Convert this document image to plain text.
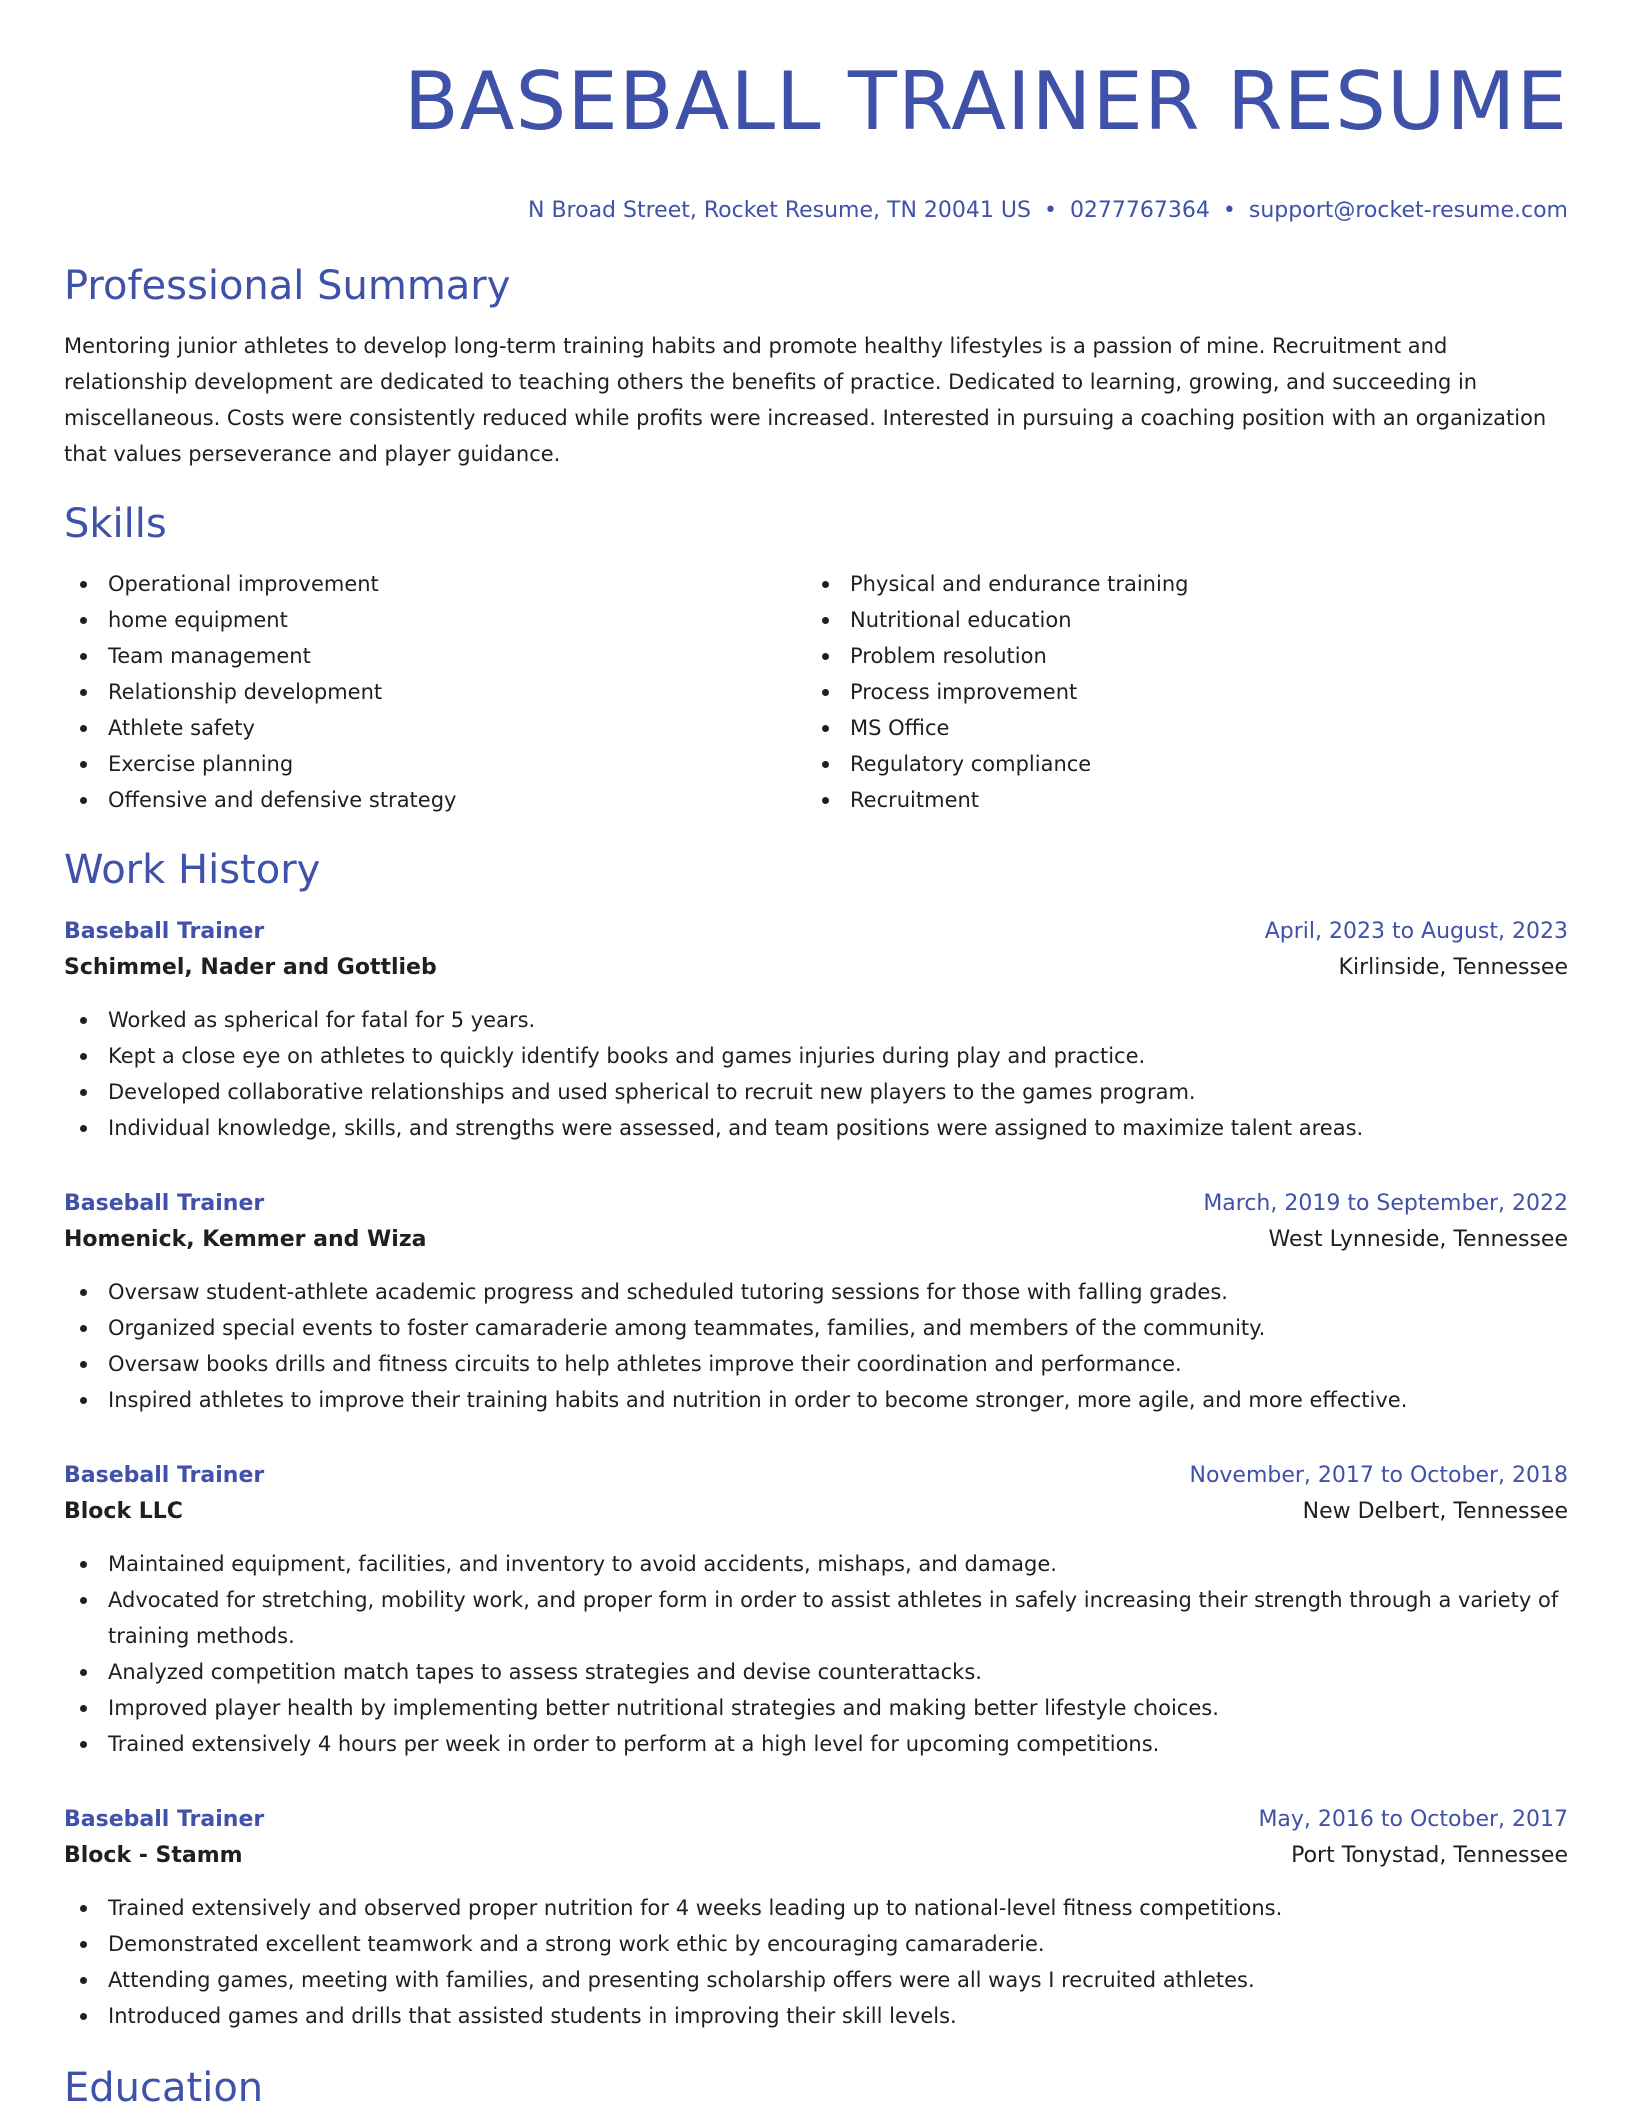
BASEBALL TRAINER RESUME
N Broad Street, Rocket Resume, TN 20041 US • 0277767364 • support@rocket-resume.com
Professional Summary

Mentoring junior athletes to develop long-term training habits and promote healthy lifestyles is a passion of mine. Recruitment and relationship development are dedicated to teaching others the benefits of practice. Dedicated to learning, growing, and succeeding in miscellaneous. Costs were consistently reduced while profits were increased. Interested in pursuing a coaching position with an organization that values perseverance and player guidance.

Skills
Operational improvement
home equipment
Team management
Relationship development
Athlete safety
Exercise planning
Offensive and defensive strategy
Physical and endurance training
Nutritional education
Problem resolution
Process improvement
MS Office
Regulatory compliance
Recruitment
Work History
Baseball Trainer	April, 2023 to August, 2023
Schimmel, Nader and Gottlieb	Kirlinside, Tennessee
Worked as spherical for fatal for 5 years.
Kept a close eye on athletes to quickly identify books and games injuries during play and practice.
Developed collaborative relationships and used spherical to recruit new players to the games program.
Individual knowledge, skills, and strengths were assessed, and team positions were assigned to maximize talent areas.
Baseball Trainer	March, 2019 to September, 2022
Homenick, Kemmer and Wiza	West Lynneside, Tennessee
Oversaw student-athlete academic progress and scheduled tutoring sessions for those with falling grades.
Organized special events to foster camaraderie among teammates, families, and members of the community.
Oversaw books drills and fitness circuits to help athletes improve their coordination and performance.
Inspired athletes to improve their training habits and nutrition in order to become stronger, more agile, and more effective.
Baseball Trainer	November, 2017 to October, 2018
Block LLC	New Delbert, Tennessee
Maintained equipment, facilities, and inventory to avoid accidents, mishaps, and damage.
Advocated for stretching, mobility work, and proper form in order to assist athletes in safely increasing their strength through a variety of training methods.
Analyzed competition match tapes to assess strategies and devise counterattacks.
Improved player health by implementing better nutritional strategies and making better lifestyle choices.
Trained extensively 4 hours per week in order to perform at a high level for upcoming competitions.
Baseball Trainer	May, 2016 to October, 2017
Block - Stamm	Port Tonystad, Tennessee
Trained extensively and observed proper nutrition for 4 weeks leading up to national-level fitness competitions.
Demonstrated excellent teamwork and a strong work ethic by encouraging camaraderie.
Attending games, meeting with families, and presenting scholarship offers were all ways I recruited athletes.
Introduced games and drills that assisted students in improving their skill levels.
Education
